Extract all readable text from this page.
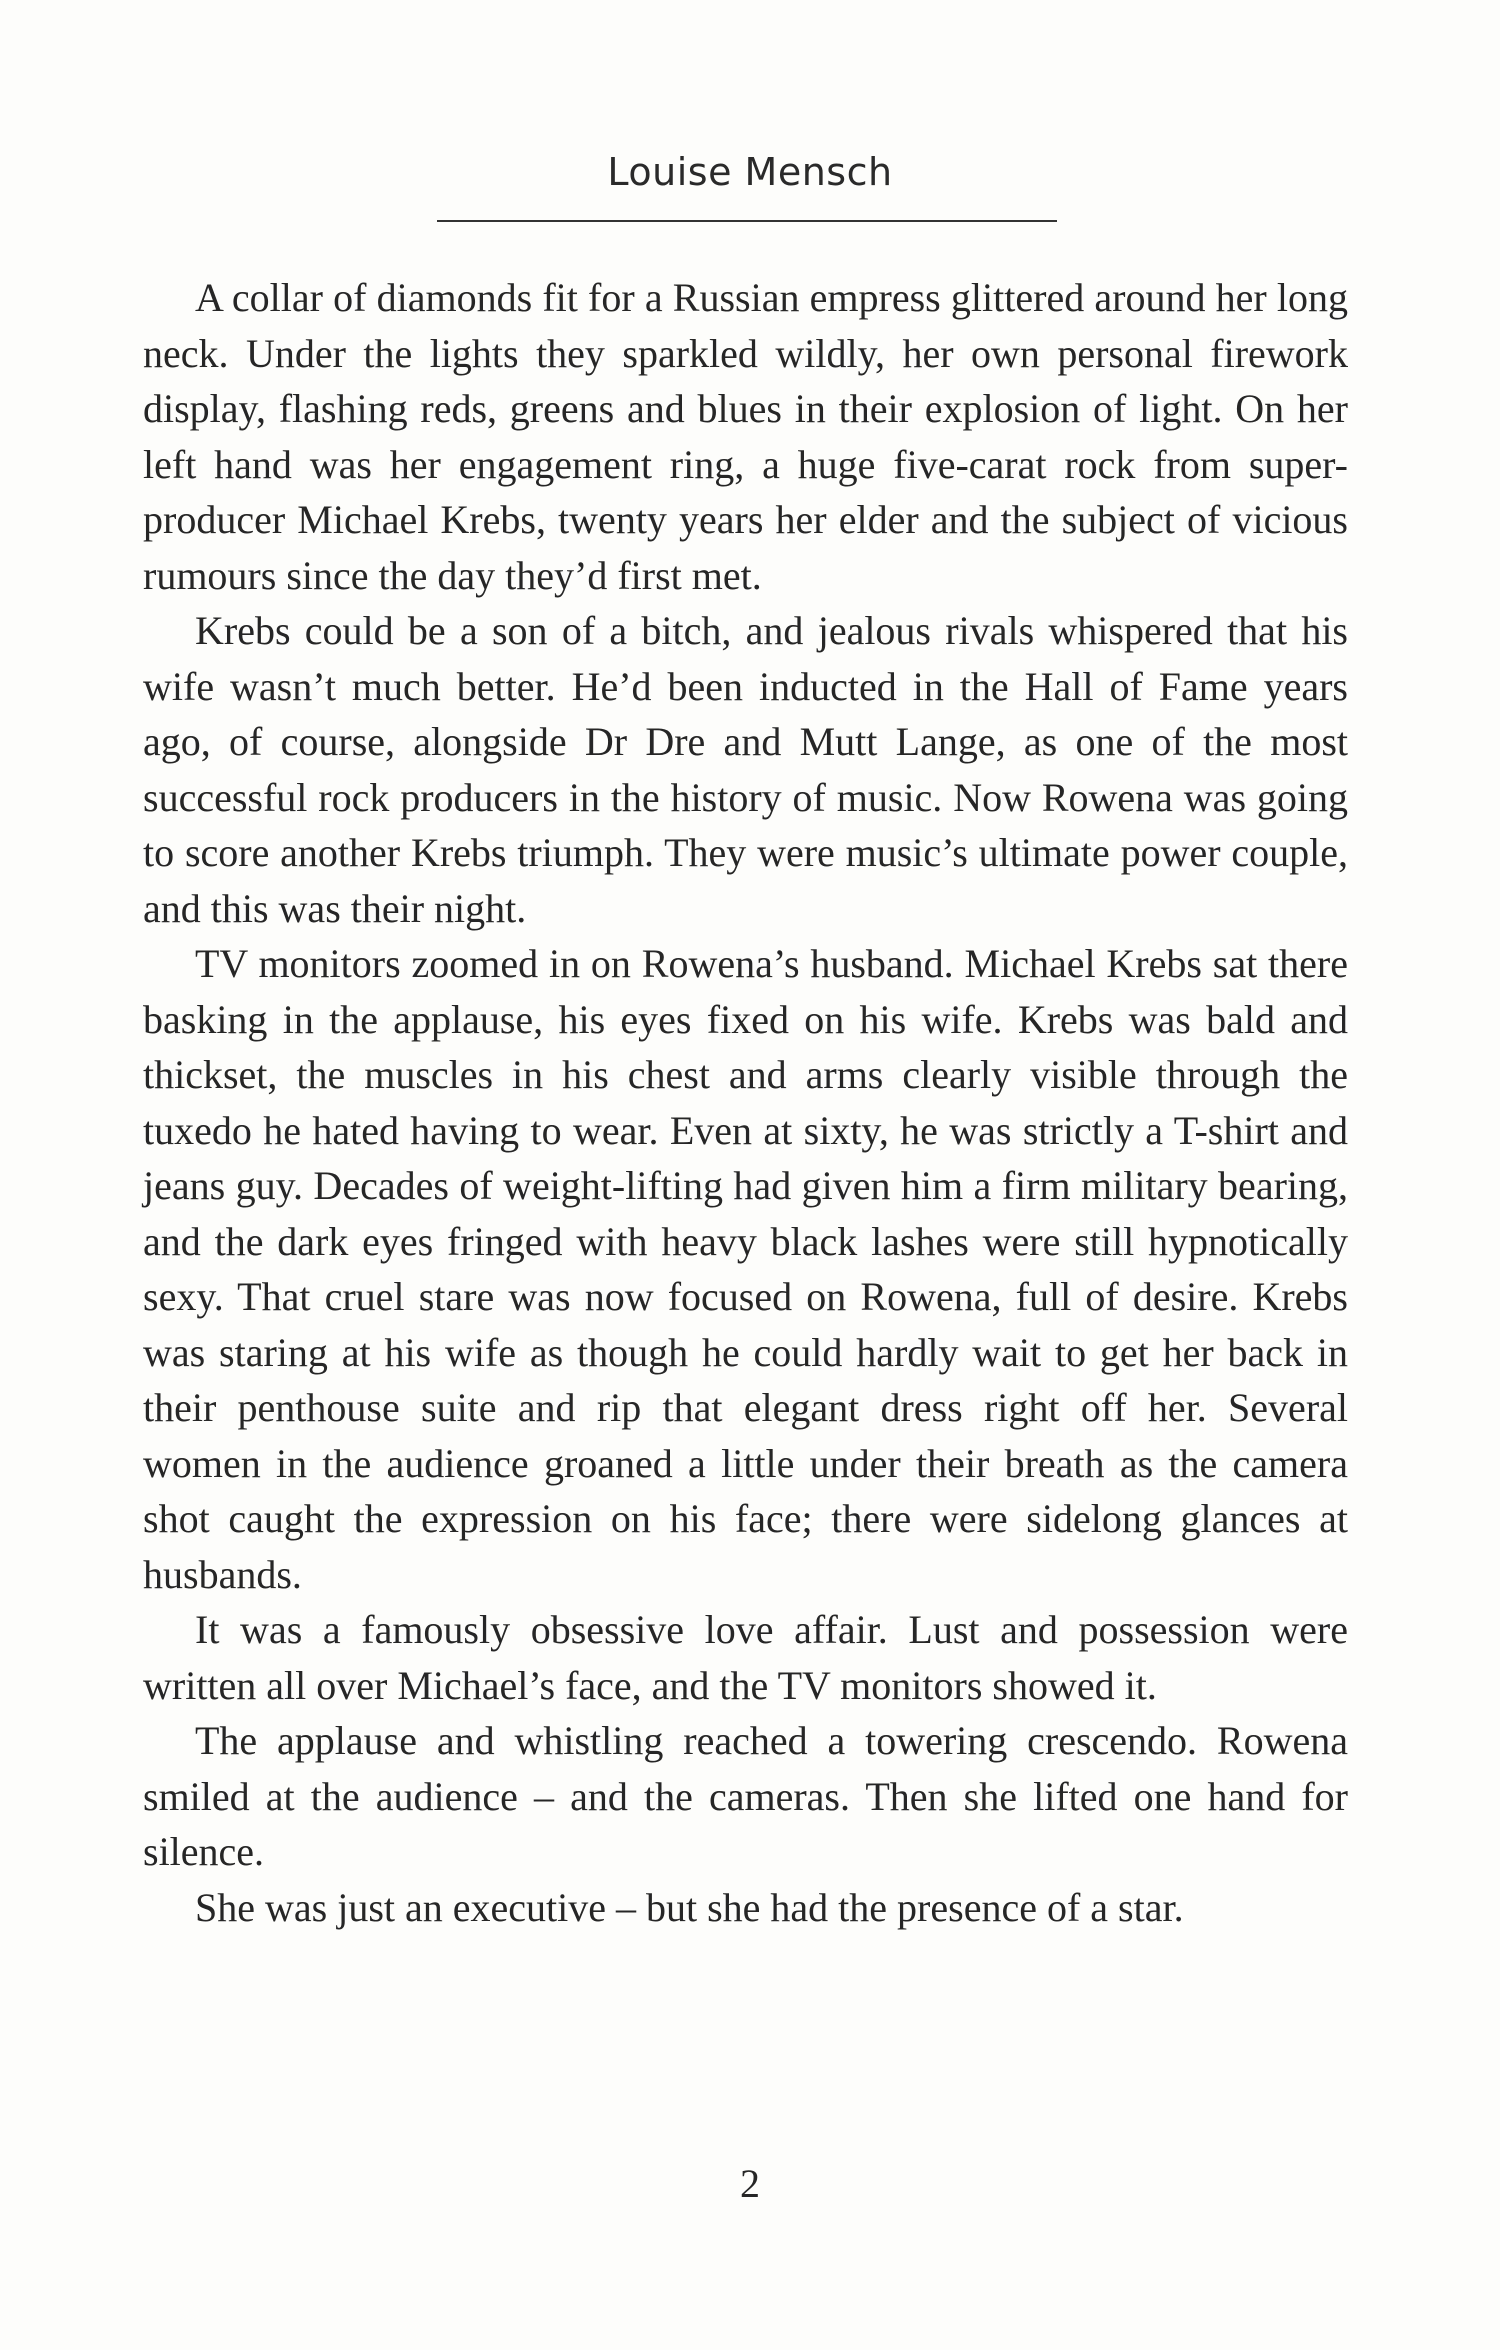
Louise Mensch

A collar of diamonds fit for a Russian empress glittered around her long neck. Under the lights they sparkled wildly, her own personal firework display, flashing reds, greens and blues in their explosion of light. On her left hand was her engagement ring, a huge five-carat rock from super-producer Michael Krebs, twenty years her elder and the subject of vicious rumours since the day they’d first met.

Krebs could be a son of a bitch, and jealous rivals whispered that his wife wasn’t much better. He’d been inducted in the Hall of Fame years ago, of course, alongside Dr Dre and Mutt Lange, as one of the most successful rock producers in the history of music. Now Rowena was going to score another Krebs triumph. They were music’s ultimate power couple, and this was their night.

TV monitors zoomed in on Rowena’s husband. Michael Krebs sat there basking in the applause, his eyes fixed on his wife. Krebs was bald and thickset, the muscles in his chest and arms clearly visible through the tuxedo he hated having to wear. Even at sixty, he was strictly a T-shirt and jeans guy. Decades of weight-lifting had given him a firm military bearing, and the dark eyes fringed with heavy black lashes were still hypnotically sexy. That cruel stare was now focused on Rowena, full of desire. Krebs was staring at his wife as though he could hardly wait to get her back in their penthouse suite and rip that elegant dress right off her. Several women in the audience groaned a little under their breath as the camera shot caught the expression on his face; there were sidelong glances at husbands.

It was a famously obsessive love affair. Lust and possession were written all over Michael’s face, and the TV monitors showed it.

The applause and whistling reached a towering crescendo. Rowena smiled at the audience – and the cameras. Then she lifted one hand for silence.

She was just an executive – but she had the presence of a star.

2
